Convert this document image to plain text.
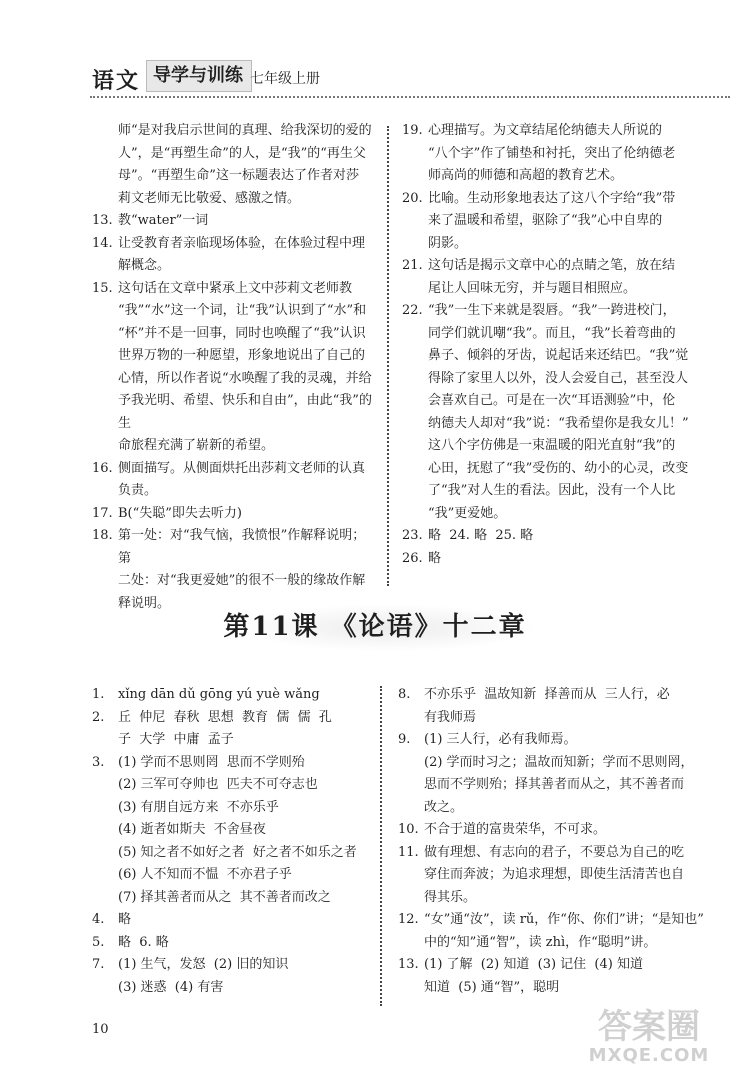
语文 导学与训练 七年级上册
师“是对我启示世间的真理、给我深切的爱的
人”，是“再塑生命”的人，是“我”的“再生父
母”。“再塑生命”这一标题表达了作者对莎
莉文老师无比敬爱、感激之情。
13. 教“water”一词
14. 让受教育者亲临现场体验，在体验过程中理
解概念。
15. 这句话在文章中紧承上文中莎莉文老师教
“我”“水”这一个词，让“我”认识到了“水”和
“杯”并不是一回事，同时也唤醒了“我”认识
世界万物的一种愿望，形象地说出了自己的
心情，所以作者说“水唤醒了我的灵魂，并给
予我光明、希望、快乐和自由”，由此“我”的生
命旅程充满了崭新的希望。
16. 侧面描写。从侧面烘托出莎莉文老师的认真
负责。
17. B(“失聪”即失去听力)
18. 第一处：对“我气恼，我愤恨”作解释说明；第
二处：对“我更爱她”的很不一般的缘故作解
释说明。
19. 心理描写。为文章结尾伦纳德夫人所说的
“八个字”作了铺垫和衬托，突出了伦纳德老
师高尚的师德和高超的教育艺术。
20. 比喻。生动形象地表达了这八个字给“我”带
来了温暖和希望，驱除了“我”心中自卑的
阴影。
21. 这句话是揭示文章中心的点睛之笔，放在结
尾让人回味无穷，并与题目相照应。
22. “我”一生下来就是裂唇。“我”一跨进校门，
同学们就讥嘲“我”。而且，“我”长着弯曲的
鼻子、倾斜的牙齿，说起话来还结巴。“我”觉
得除了家里人以外，没人会爱自己，甚至没人
会喜欢自己。可是在一次“耳语测验”中，伦
纳德夫人却对“我”说：“我希望你是我女儿！”
这八个字仿佛是一束温暖的阳光直射“我”的
心田，抚慰了“我”受伤的、幼小的心灵，改变
了“我”对人生的看法。因此，没有一个人比
“我”更爱她。
23. 略  24. 略  25. 略
26. 略
第11课 《论语》十二章
1.	xǐng dān dǔ gōng yú yuè wǎng
2.	丘  仲尼  春秋  思想  教育  儒  儒  孔
子  大学  中庸  孟子
3.	(1) 学而不思则罔  思而不学则殆
(2) 三军可夺帅也  匹夫不可夺志也
(3) 有朋自远方来  不亦乐乎
(4) 逝者如斯夫  不舍昼夜
(5) 知之者不如好之者  好之者不如乐之者
(6) 人不知而不愠  不亦君子乎
(7) 择其善者而从之  其不善者而改之
4.	略
5.	略  6. 略
7.	(1) 生气，发怒  (2) 旧的知识
(3) 迷惑  (4) 有害
8.	不亦乐乎  温故知新  择善而从  三人行，必
有我师焉
9.	(1) 三人行，必有我师焉。
(2) 学而时习之；温故而知新；学而不思则罔，
思而不学则殆；择其善者而从之，其不善者而
改之。
10. 不合于道的富贵荣华，不可求。
11. 做有理想、有志向的君子，不要总为自己的吃
穿住而奔波；为追求理想，即使生活清苦也自
得其乐。
12. “女”通“汝”，读 rǔ，作“你、你们”讲；“是知也”
中的“知”通“智”，读 zhì，作“聪明”讲。
13. (1) 了解  (2) 知道  (3) 记住  (4) 知道
知道  (5) 通“智”，聪明
10	答案圈
MXQE.COM
